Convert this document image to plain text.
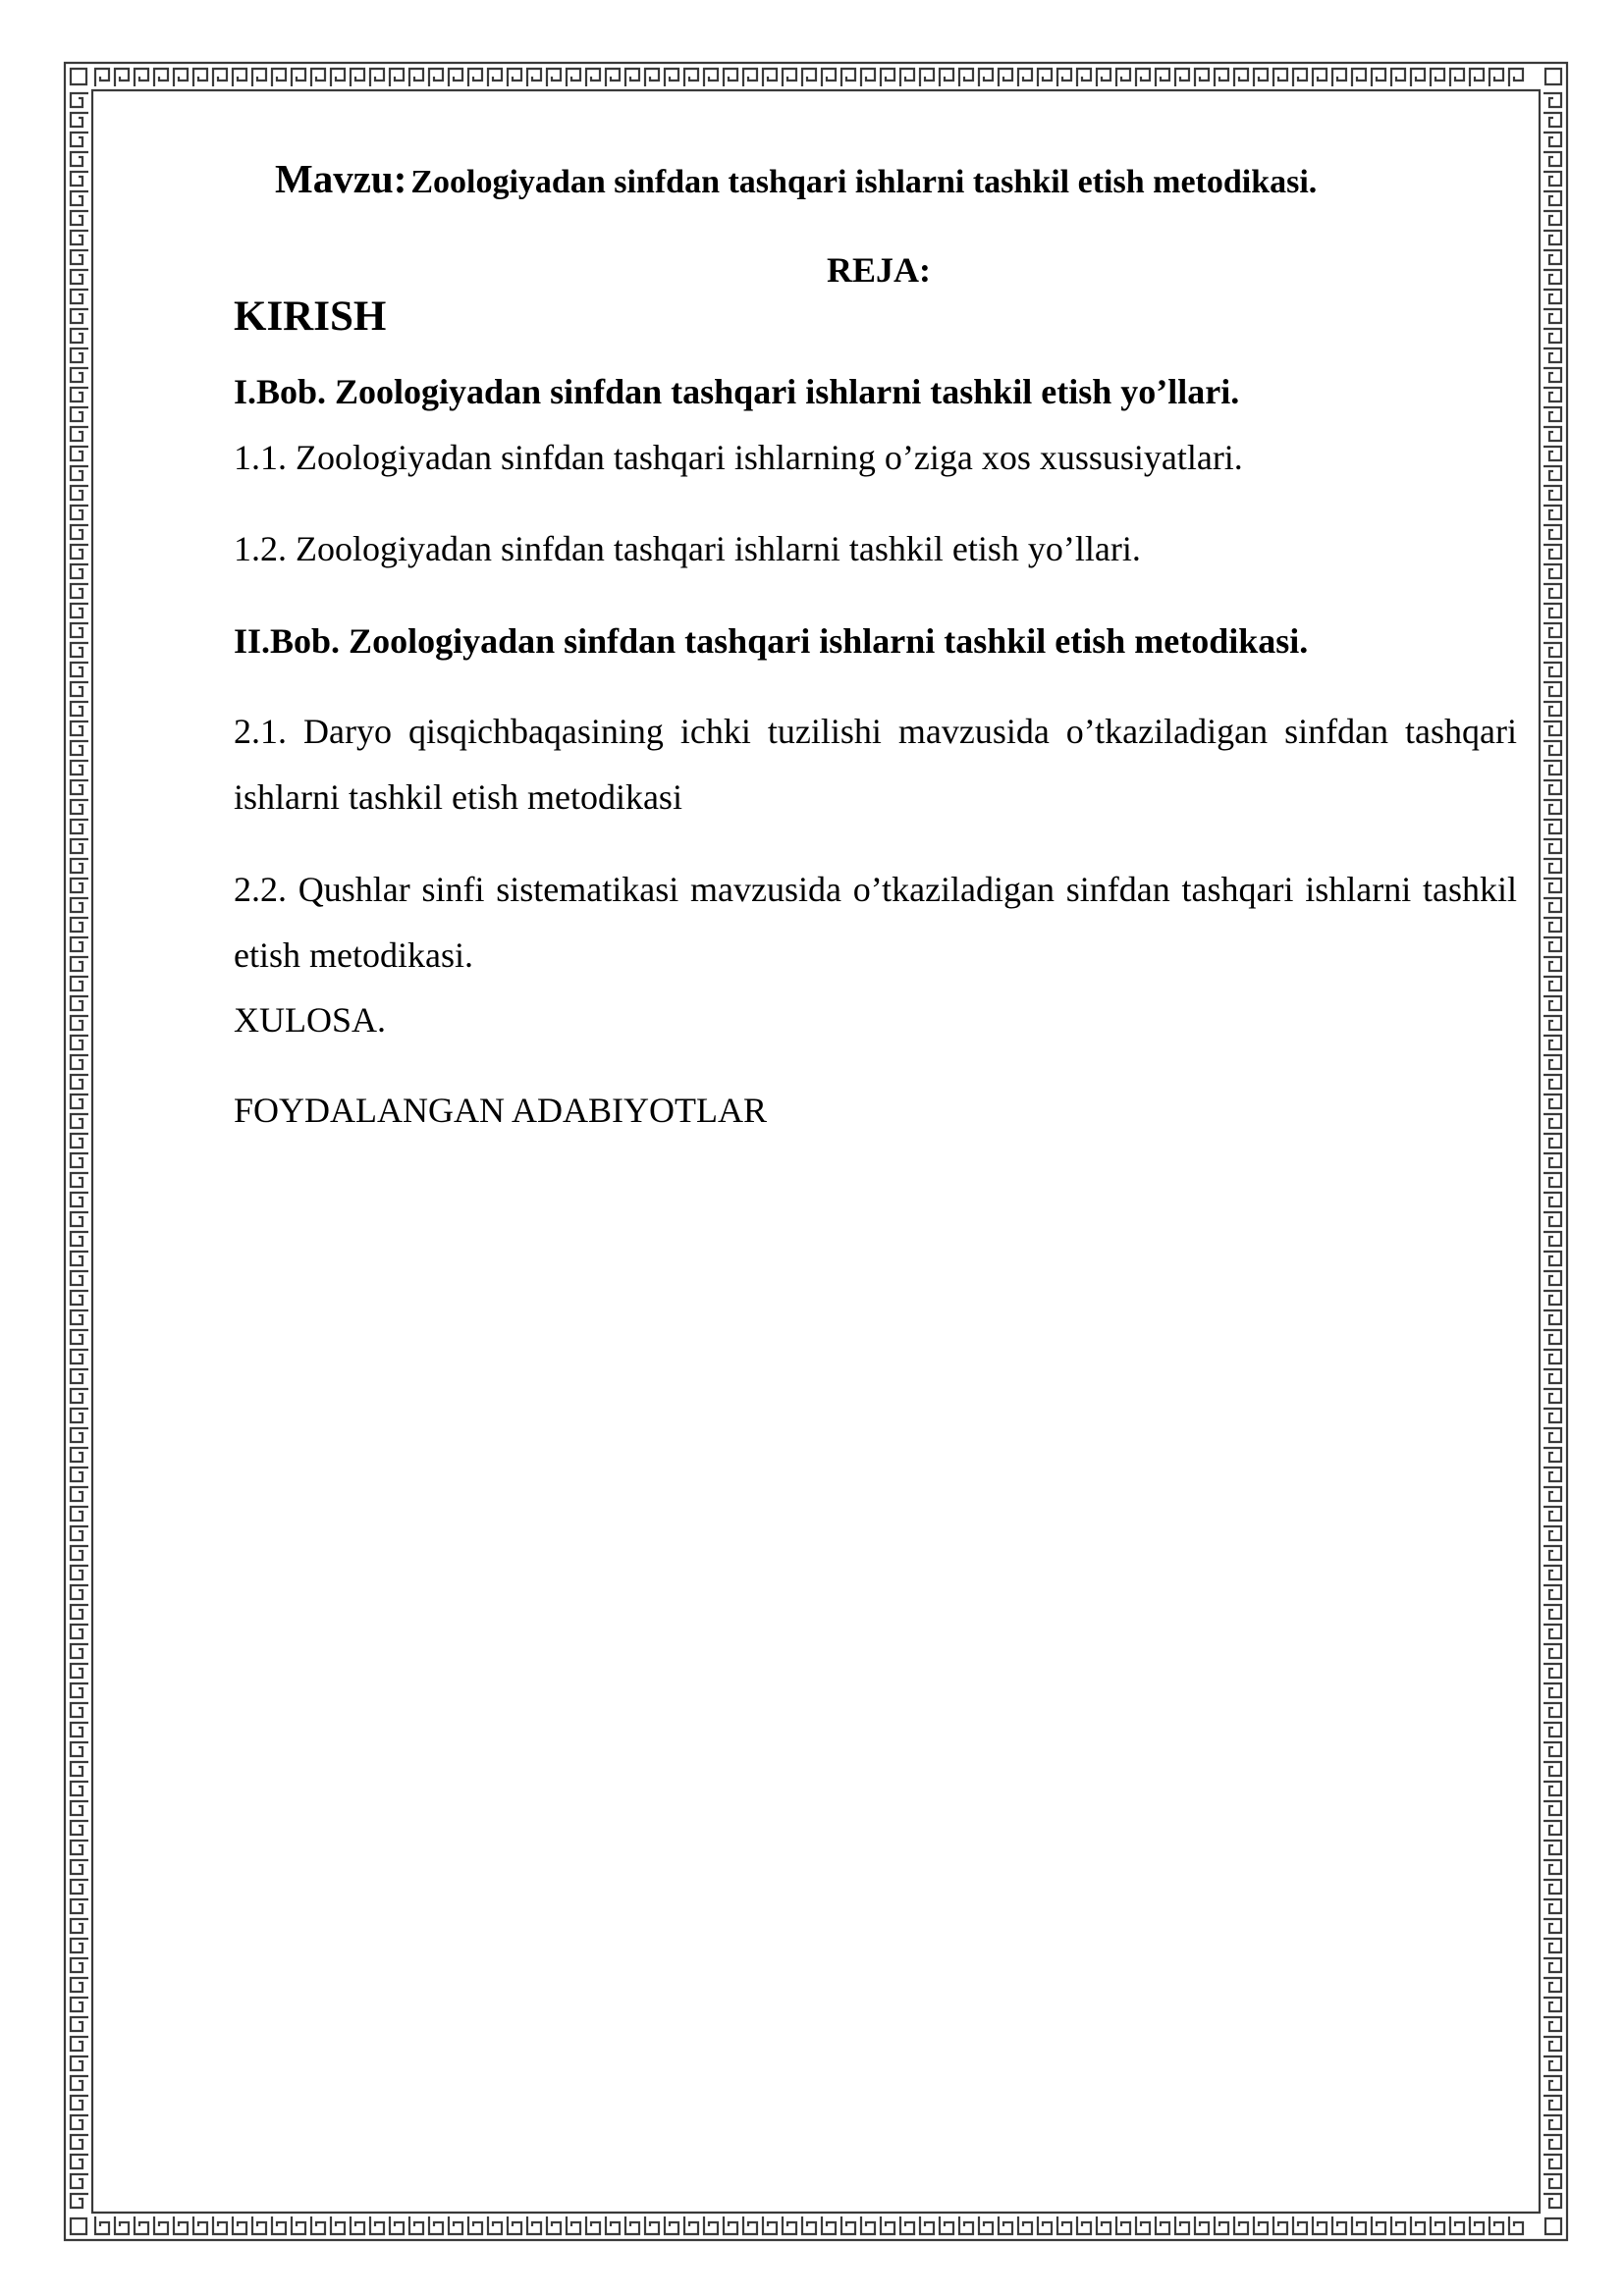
Mavzu: Zoologiyadan sinfdan tashqari ishlarni tashkil etish metodikasi.
REJA:
KIRISH
I.Bob. Zoologiyadan sinfdan tashqari ishlarni tashkil etish yo’llari.
1.1. Zoologiyadan sinfdan tashqari ishlarning o’ziga xos xussusiyatlari.
1.2. Zoologiyadan sinfdan tashqari ishlarni tashkil etish yo’llari.
II.Bob. Zoologiyadan sinfdan tashqari ishlarni tashkil etish metodikasi.
2.1. Daryo qisqichbaqasining ichki tuzilishi mavzusida o’tkaziladigan sinfdan tashqari ishlarni tashkil etish metodikasi
2.2. Qushlar sinfi sistematikasi mavzusida o’tkaziladigan sinfdan tashqari ishlarni tashkil etish metodikasi.
XULOSA.
FOYDALANGAN ADABIYOTLAR
